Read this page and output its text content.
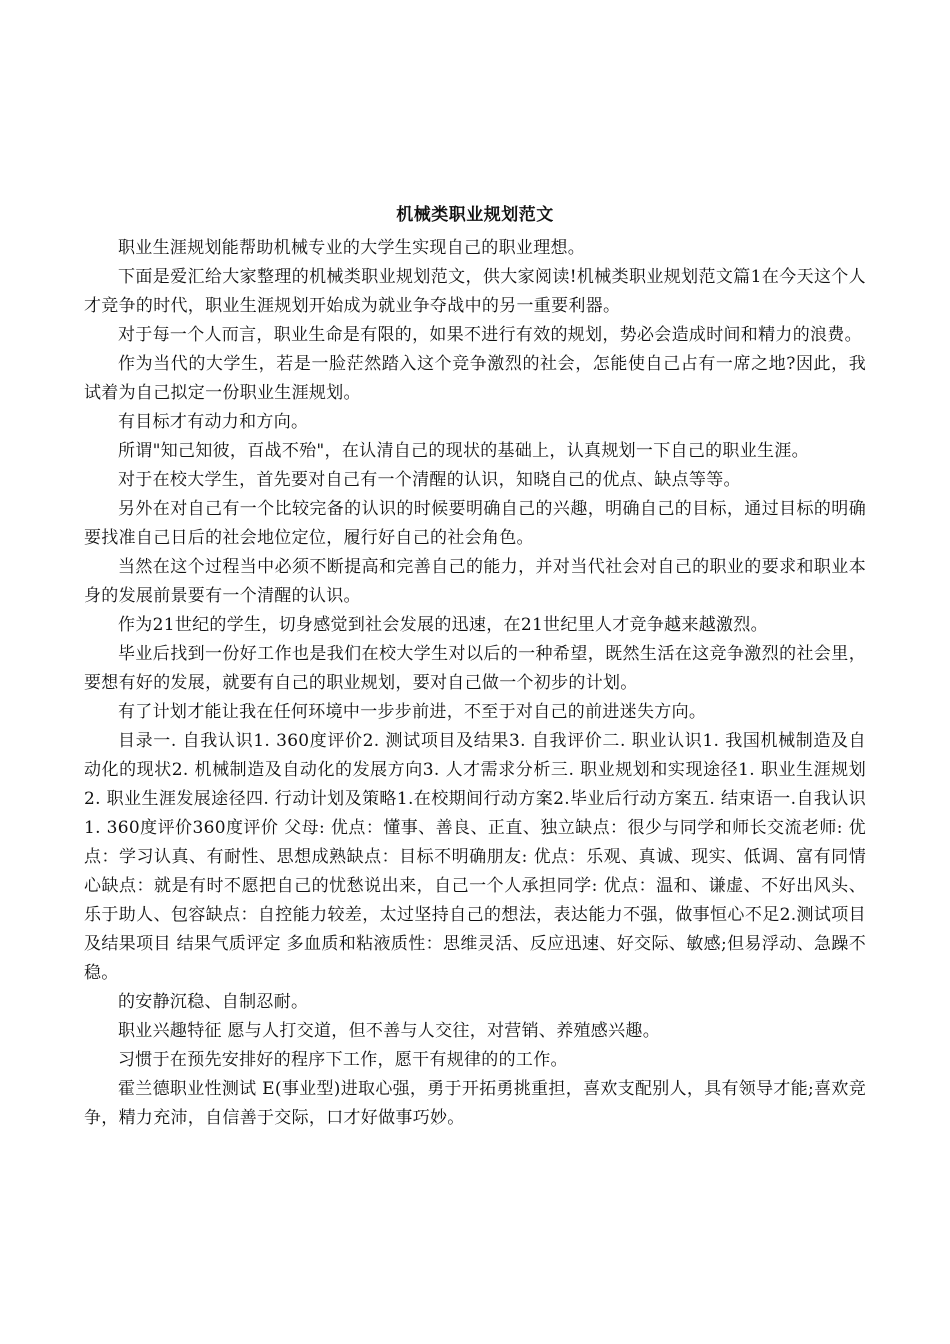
机械类职业规划范文

职业生涯规划能帮助机械专业的大学生实现自己的职业理想。

下面是爱汇给大家整理的机械类职业规划范文，供大家阅读!机械类职业规划范文篇1在今天这个人才竞争的时代，职业生涯规划开始成为就业争夺战中的另一重要利器。

对于每一个人而言，职业生命是有限的，如果不进行有效的规划，势必会造成时间和精力的浪费。

作为当代的大学生，若是一脸茫然踏入这个竞争激烈的社会，怎能使自己占有一席之地?因此，我试着为自己拟定一份职业生涯规划。

有目标才有动力和方向。

所谓"知己知彼，百战不殆"，在认清自己的现状的基础上，认真规划一下自己的职业生涯。

对于在校大学生，首先要对自己有一个清醒的认识，知晓自己的优点、缺点等等。

另外在对自己有一个比较完备的认识的时候要明确自己的兴趣，明确自己的目标，通过目标的明确要找准自己日后的社会地位定位，履行好自己的社会角色。

当然在这个过程当中必须不断提高和完善自己的能力，并对当代社会对自己的职业的要求和职业本身的发展前景要有一个清醒的认识。

作为21世纪的学生，切身感觉到社会发展的迅速，在21世纪里人才竞争越来越激烈。

毕业后找到一份好工作也是我们在校大学生对以后的一种希望，既然生活在这竞争激烈的社会里，要想有好的发展，就要有自己的职业规划，要对自己做一个初步的计划。

有了计划才能让我在任何环境中一步步前进，不至于对自己的前进迷失方向。

目录一. 自我认识1. 360度评价2. 测试项目及结果3. 自我评价二. 职业认识1. 我国机械制造及自动化的现状2. 机械制造及自动化的发展方向3. 人才需求分析三. 职业规划和实现途径1. 职业生涯规划2. 职业生涯发展途径四. 行动计划及策略1.在校期间行动方案2.毕业后行动方案五. 结束语一.自我认识1. 360度评价360度评价 父母: 优点：懂事、善良、正直、独立缺点：很少与同学和师长交流老师: 优点：学习认真、有耐性、思想成熟缺点：目标不明确朋友: 优点：乐观、真诚、现实、低调、富有同情心缺点：就是有时不愿把自己的忧愁说出来，自己一个人承担同学: 优点：温和、谦虚、不好出风头、乐于助人、包容缺点：自控能力较差，太过坚持自己的想法，表达能力不强，做事恒心不足2.测试项目及结果项目 结果气质评定 多血质和粘液质性：思维灵活、反应迅速、好交际、敏感;但易浮动、急躁不稳。

的安静沉稳、自制忍耐。

职业兴趣特征 愿与人打交道，但不善与人交往，对营销、养殖感兴趣。

习惯于在预先安排好的程序下工作，愿干有规律的的工作。

霍兰德职业性测试 E(事业型)进取心强，勇于开拓勇挑重担，喜欢支配别人，具有领导才能;喜欢竞争，精力充沛，自信善于交际，口才好做事巧妙。
